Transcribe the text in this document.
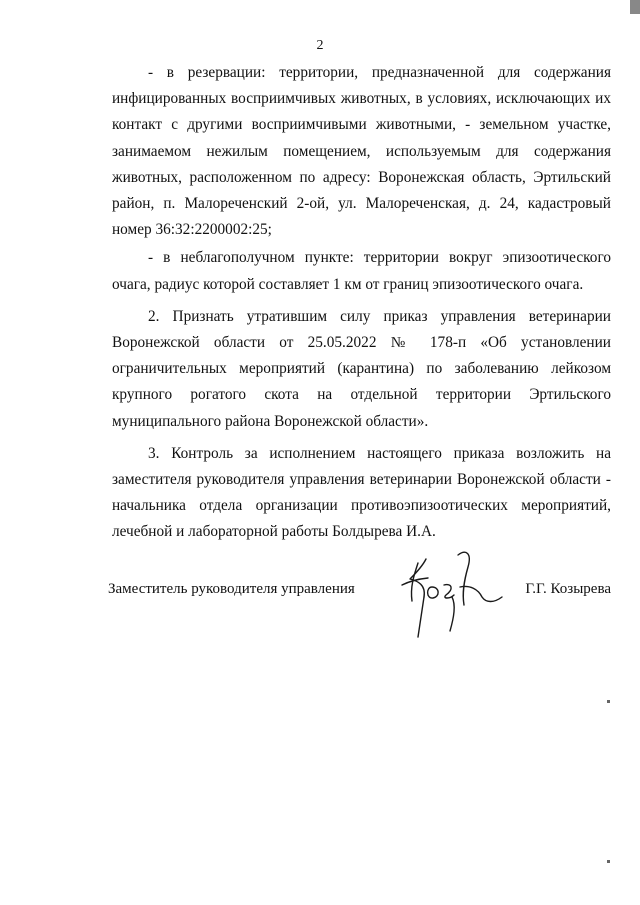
2

- в резервации: территории, предназначенной для содержания инфицированных восприимчивых животных, в условиях, исключающих их контакт с другими восприимчивыми животными, - земельном участке, занимаемом нежилым помещением, используемым для содержания животных, расположенном по адресу: Воронежская область, Эртильский район, п. Малореченский 2-ой, ул. Малореченская, д. 24, кадастровый номер 36:32:2200002:25;

- в неблагополучном пункте: территории вокруг эпизоотического очага, радиус которой составляет 1 км от границ эпизоотического очага.

2. Признать утратившим силу приказ управления ветеринарии Воронежской области от 25.05.2022 № 178-п «Об установлении ограничительных мероприятий (карантина) по заболеванию лейкозом крупного рогатого скота на отдельной территории Эртильского муниципального района Воронежской области».

3. Контроль за исполнением настоящего приказа возложить на заместителя руководителя управления ветеринарии Воронежской области - начальника отдела организации противоэпизоотических мероприятий, лечебной и лабораторной работы Болдырева И.А.

Заместитель руководителя управления	Г.Г. Козырева
